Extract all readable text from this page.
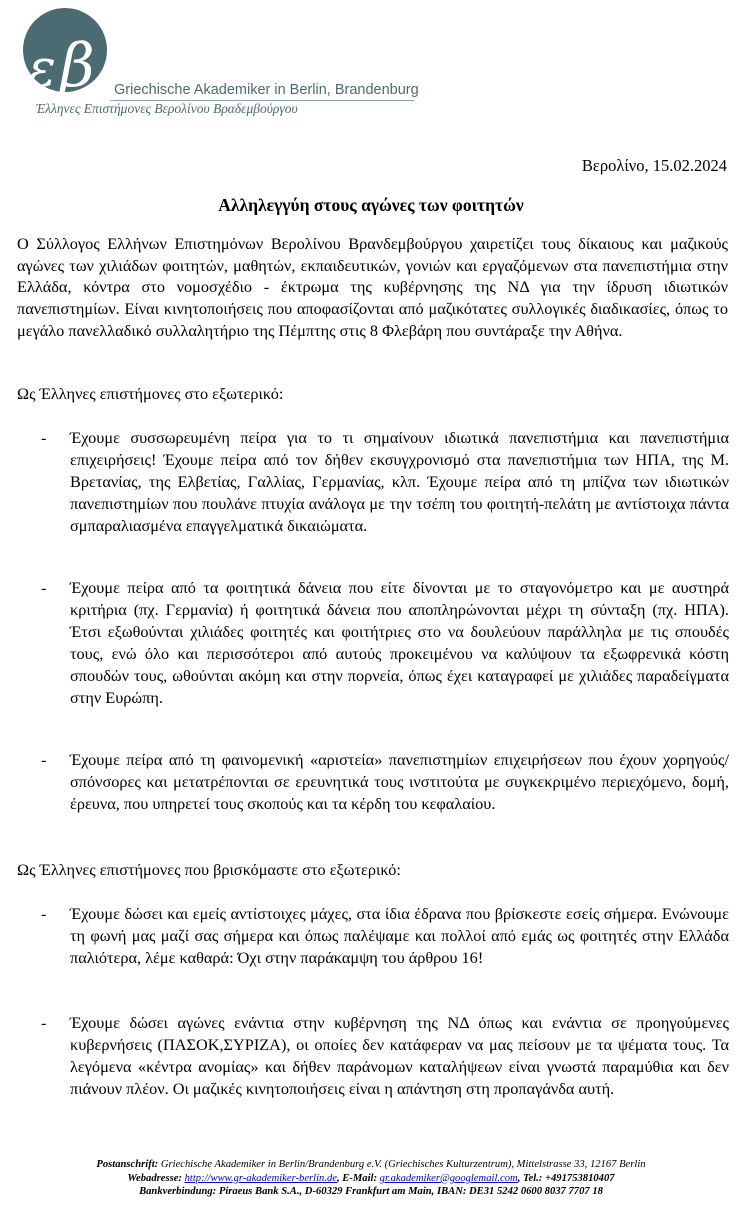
ε β Griechische Akademiker in Berlin, Brandenburg
Έλληνες Επιστήμονες Βερολίνου Βραδεμβούργου
Βερολίνο, 15.02.2024
Αλληλεγγύη στους αγώνες των φοιτητών

Ο Σύλλογος Ελλήνων Επιστημόνων Βερολίνου Βρανδεμβούργου χαιρετίζει τους δίκαιους και μαζικούς αγώνες των χιλιάδων φοιτητών, μαθητών, εκπαιδευτικών, γονιών και εργαζόμενων στα πανεπιστήμια στην Ελλάδα, κόντρα στο νομοσχέδιο - έκτρωμα της κυβέρνησης της ΝΔ για την ίδρυση ιδιωτικών πανεπιστημίων. Είναι κινητοποιήσεις που αποφασίζονται από μαζικότατες συλλογικές διαδικασίες, όπως το μεγάλο πανελλαδικό συλλαλητήριο της Πέμπτης στις 8 Φλεβάρη που συντάραξε την Αθήνα.

Ως Έλληνες επιστήμονες στο εξωτερικό:

- Έχουμε συσσωρευμένη πείρα για το τι σημαίνουν ιδιωτικά πανεπιστήμια και πανεπιστήμια επιχειρήσεις! Έχουμε πείρα από τον δήθεν εκσυγχρονισμό στα πανεπιστήμια των ΗΠΑ, της Μ. Βρετανίας, της Ελβετίας, Γαλλίας, Γερμανίας, κλπ. Έχουμε πείρα από τη μπίζνα των ιδιωτικών πανεπιστημίων που πουλάνε πτυχία ανάλογα με την τσέπη του φοιτητή-πελάτη με αντίστοιχα πάντα σμπαραλιασμένα επαγγελματικά δικαιώματα.

- Έχουμε πείρα από τα φοιτητικά δάνεια που είτε δίνονται με το σταγονόμετρο και με αυστηρά κριτήρια (πχ. Γερμανία) ή φοιτητικά δάνεια που αποπληρώνονται μέχρι τη σύνταξη (πχ. ΗΠΑ). Έτσι εξωθούνται χιλιάδες φοιτητές και φοιτήτριες στο να δουλεύουν παράλληλα με τις σπουδές τους, ενώ όλο και περισσότεροι από αυτούς προκειμένου να καλύψουν τα εξωφρενικά κόστη σπουδών τους, ωθούνται ακόμη και στην πορνεία, όπως έχει καταγραφεί με χιλιάδες παραδείγματα στην Ευρώπη.

- Έχουμε πείρα από τη φαινομενική «αριστεία» πανεπιστημίων επιχειρήσεων που έχουν χορηγούς/σπόνσορες και μετατρέπονται σε ερευνητικά τους ινστιτούτα με συγκεκριμένο περιεχόμενο, δομή, έρευνα, που υπηρετεί τους σκοπούς και τα κέρδη του κεφαλαίου.

Ως Έλληνες επιστήμονες που βρισκόμαστε στο εξωτερικό:

- Έχουμε δώσει και εμείς αντίστοιχες μάχες, στα ίδια έδρανα που βρίσκεστε εσείς σήμερα. Ενώνουμε τη φωνή μας μαζί σας σήμερα και όπως παλέψαμε και πολλοί από εμάς ως φοιτητές στην Ελλάδα παλιότερα, λέμε καθαρά: Όχι στην παράκαμψη του άρθρου 16!

- Έχουμε δώσει αγώνες ενάντια στην κυβέρνηση της ΝΔ όπως και ενάντια σε προηγούμενες κυβερνήσεις (ΠΑΣΟΚ,ΣΥΡΙΖΑ), οι οποίες δεν κατάφεραν να μας πείσουν με τα ψέματα τους. Τα λεγόμενα «κέντρα ανομίας» και δήθεν παράνομων καταλήψεων είναι γνωστά παραμύθια και δεν πιάνουν πλέον. Οι μαζικές κινητοποιήσεις είναι η απάντηση στη προπαγάνδα αυτή.

Postanschrift: Griechische Akademiker in Berlin/Brandenburg e.V. (Griechisches Kulturzentrum), Mittelstrasse 33, 12167 Berlin
Webadresse: http://www.gr-akademiker-berlin.de, E-Mail: gr.akademiker@googlemail.com, Tel.: +491753810407
Bankverbindung: Piraeus Bank S.A., D-60329 Frankfurt am Main, IBAN: DE31 5242 0600 8037 7707 18
